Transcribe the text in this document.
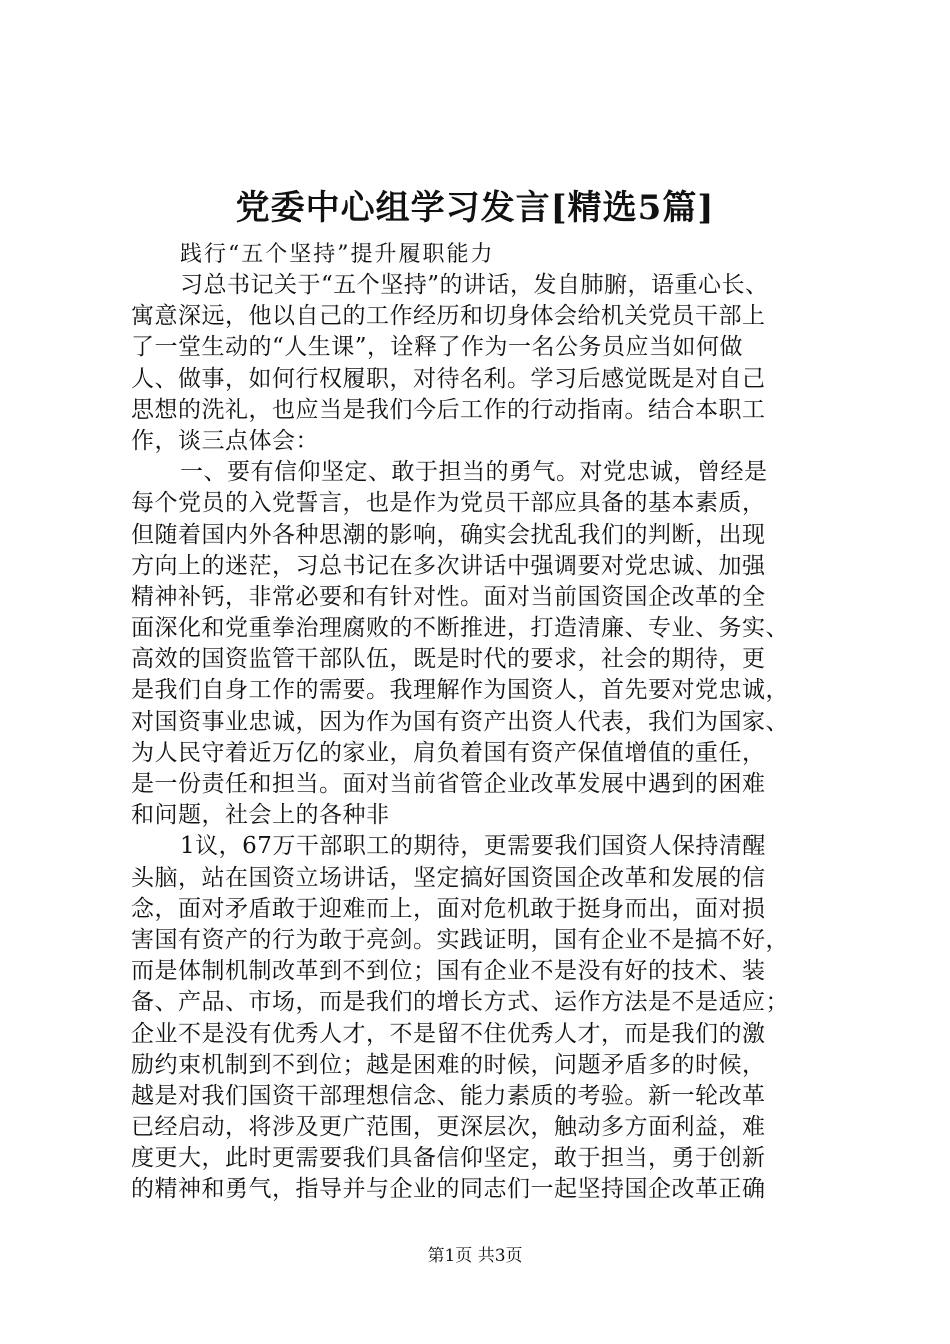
党委中心组学习发言[精选5篇]
践行“五个坚持”提升履职能力
习总书记关于“五个坚持”的讲话，发自肺腑，语重心长、
寓意深远，他以自己的工作经历和切身体会给机关党员干部上
了一堂生动的“人生课”，诠释了作为一名公务员应当如何做
人、做事，如何行权履职，对待名利。学习后感觉既是对自己
思想的洗礼，也应当是我们今后工作的行动指南。结合本职工
作，谈三点体会：
一、要有信仰坚定、敢于担当的勇气。对党忠诚，曾经是
每个党员的入党誓言，也是作为党员干部应具备的基本素质，
但随着国内外各种思潮的影响，确实会扰乱我们的判断，出现
方向上的迷茫，习总书记在多次讲话中强调要对党忠诚、加强
精神补钙，非常必要和有针对性。面对当前国资国企改革的全
面深化和党重拳治理腐败的不断推进，打造清廉、专业、务实、
高效的国资监管干部队伍，既是时代的要求，社会的期待，更
是我们自身工作的需要。我理解作为国资人，首先要对党忠诚，
对国资事业忠诚，因为作为国有资产出资人代表，我们为国家、
为人民守着近万亿的家业，肩负着国有资产保值增值的重任，
是一份责任和担当。面对当前省管企业改革发展中遇到的困难
和问题，社会上的各种非
1议，67万干部职工的期待，更需要我们国资人保持清醒
头脑，站在国资立场讲话，坚定搞好国资国企改革和发展的信
念，面对矛盾敢于迎难而上，面对危机敢于挺身而出，面对损
害国有资产的行为敢于亮剑。实践证明，国有企业不是搞不好，
而是体制机制改革到不到位；国有企业不是没有好的技术、装
备、产品、市场，而是我们的增长方式、运作方法是不是适应；
企业不是没有优秀人才，不是留不住优秀人才，而是我们的激
励约束机制到不到位；越是困难的时候，问题矛盾多的时候，
越是对我们国资干部理想信念、能力素质的考验。新一轮改革
已经启动，将涉及更广范围，更深层次，触动多方面利益，难
度更大，此时更需要我们具备信仰坚定，敢于担当，勇于创新
的精神和勇气，指导并与企业的同志们一起坚持国企改革正确
第1页 共3页
